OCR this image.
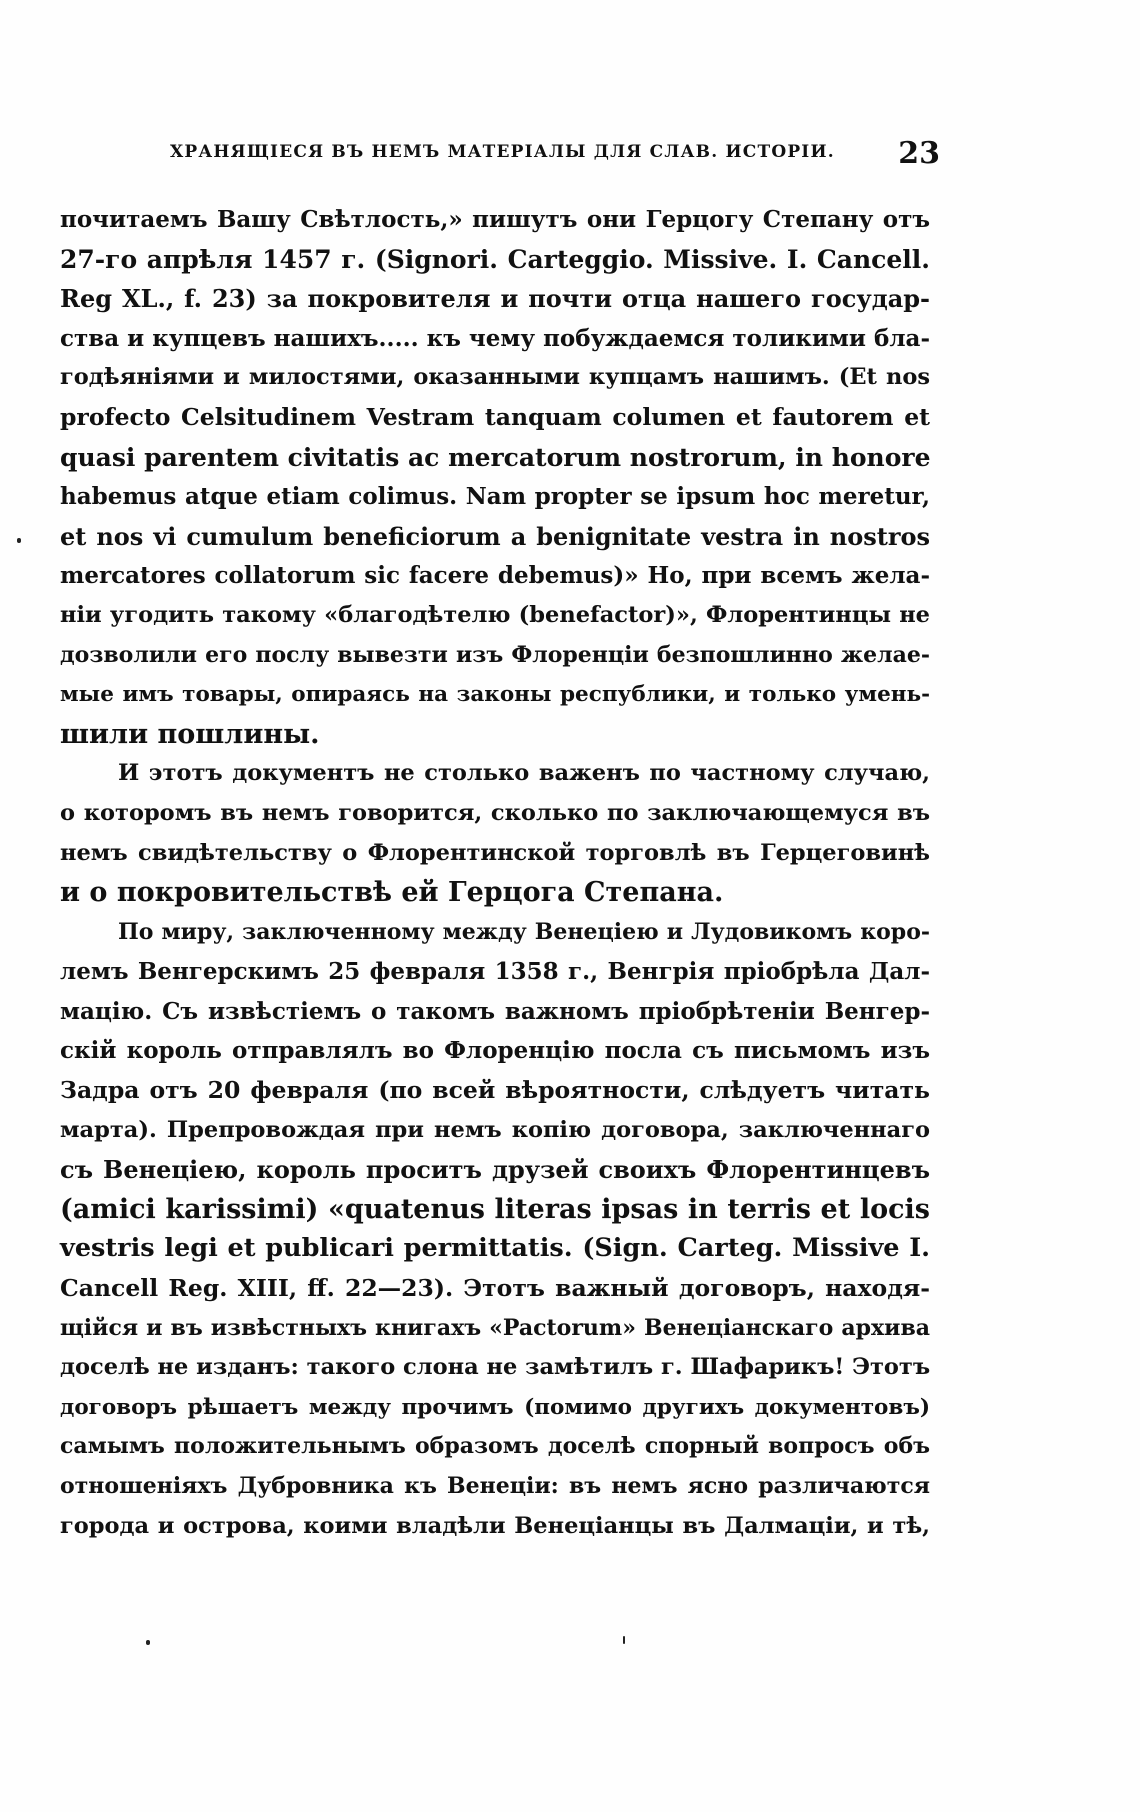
ХРАНЯЩІЕСЯ ВЪ НЕМЪ МАТЕРІАЛЫ ДЛЯ СЛАВ. ИСТОРІИ. 23
почитаемъ Вашу Свѣтлость,» пишутъ они Герцогу Степану отъ
27-го апрѣля 1457 г. (Signori. Carteggio. Missive. I. Cancell.
Reg XL., f. 23) за покровителя и почти отца нашего государ-
ства и купцевъ нашихъ..... къ чему побуждаемся толикими бла-
годѣяніями и милостями, оказанными купцамъ нашимъ. (Et nos
profecto Celsitudinem Vestram tanquam columen et fautorem et
quasi parentem civitatis ac mercatorum nostrorum, in honore
habemus atque etiam colimus. Nam propter se ipsum hoc meretur,
et nos vi cumulum beneficiorum a benignitate vestra in nostros
mercatores collatorum sic facere debemus)» Но, при всемъ жела-
ніи угодить такому «благодѣтелю (benefactor)», Флорентинцы не
дозволили его послу вывезти изъ Флоренціи безпошлинно желае-
мые имъ товары, опираясь на законы республики, и только умень-
шили пошлины.
И этотъ документъ не столько важенъ по частному случаю,
о которомъ въ немъ говорится, сколько по заключающемуся въ
немъ свидѣтельству о Флорентинской торговлѣ въ Герцеговинѣ
и о покровительствѣ ей Герцога Степана.
По миру, заключенному между Венеціею и Лудовикомъ коро-
лемъ Венгерскимъ 25 февраля 1358 г., Венгрія пріобрѣла Дал-
мацію. Съ извѣстіемъ о такомъ важномъ пріобрѣтеніи Венгер-
скій король отправлялъ во Флоренцію посла съ письмомъ изъ
Задра отъ 20 февраля (по всей вѣроятности, слѣдуетъ читать
марта). Препровождая при немъ копію договора, заключеннаго
съ Венеціею, король проситъ друзей своихъ Флорентинцевъ
(amici karissimi) «quatenus literas ipsas in terris et locis
vestris legi et publicari permittatis. (Sign. Carteg. Missive I.
Cancell Reg. XIII, ff. 22—23). Этотъ важный договоръ, находя-
щійся и въ извѣстныхъ книгахъ «Pactorum» Венеціанскаго архива
доселѣ не изданъ: такого слона не замѣтилъ г. Шафарикъ! Этотъ
договоръ рѣшаетъ между прочимъ (помимо другихъ документовъ)
самымъ положительнымъ образомъ доселѣ спорный вопросъ объ
отношеніяхъ Дубровника къ Венеціи: въ немъ ясно различаются
города и острова, коими владѣли Венеціанцы въ Далмаціи, и тѣ,
